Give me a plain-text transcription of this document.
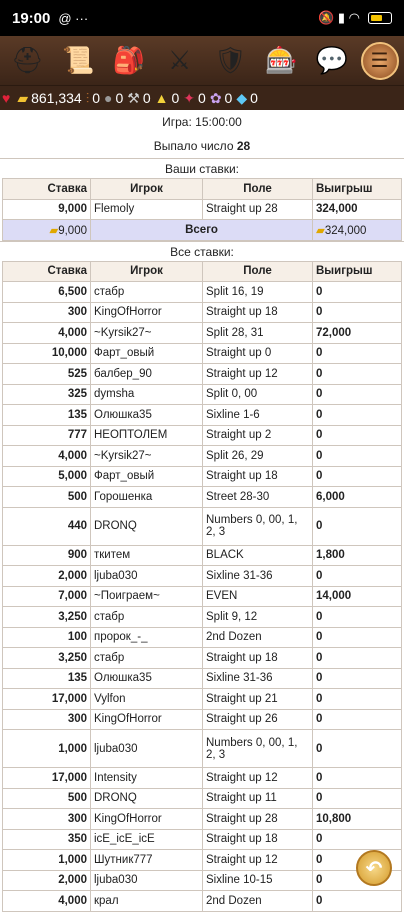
19:00 @ ···	🔕 ▮ ◠
⛑ 📜 🎒 ⚔ 🛡 🎰 💬 ☰
♥ ▰ 861,334 ⫶ 0 ● 0 ⚒ 0 ▲ 0 ✦ 0 ✿ 0 ◆ 0
Игра: 15:00:00
Выпало число 28
Ваши ставки:
Ставка	Игрок	Поле	Выигрыш
9,000	Flemoly	Straight up 28	324,000
▰9,000	Всего		▰324,000
Все ставки:
Ставка	Игрок	Поле	Выигрыш
6,500	стабр	Split 16, 19	0
300	KingOfHorror	Straight up 18	0
4,000	~Kyrsik27~	Split 28, 31	72,000
10,000	Фарт_овый	Straight up 0	0
525	балбер_90	Straight up 12	0
325	dymsha	Split 0, 00	0
135	Олюшка35	Sixline 1-6	0
777	НЕОПТОЛЕМ	Straight up 2	0
4,000	~Kyrsik27~	Split 26, 29	0
5,000	Фарт_овый	Straight up 18	0
500	Горошенка	Street 28-30	6,000
440	DRONQ	Numbers 0, 00, 1, 2, 3	0
900	ткитем	BLACK	1,800
2,000	ljuba030	Sixline 31-36	0
7,000	~Поиграем~	EVEN	14,000
3,250	стабр	Split 9, 12	0
100	пророк_-_	2nd Dozen	0
3,250	стабр	Straight up 18	0
135	Олюшка35	Sixline 31-36	0
17,000	Vylfon	Straight up 21	0
300	KingOfHorror	Straight up 26	0
1,000	ljuba030	Numbers 0, 00, 1, 2, 3	0
17,000	Intensity	Straight up 12	0
500	DRONQ	Straight up 11	0
300	KingOfHorror	Straight up 28	10,800
350	icE_icE_icE	Straight up 18	0
1,000	Шутник777	Straight up 12	0
2,000	ljuba030	Sixline 10-15	0
4,000	крал	2nd Dozen	0
↶
